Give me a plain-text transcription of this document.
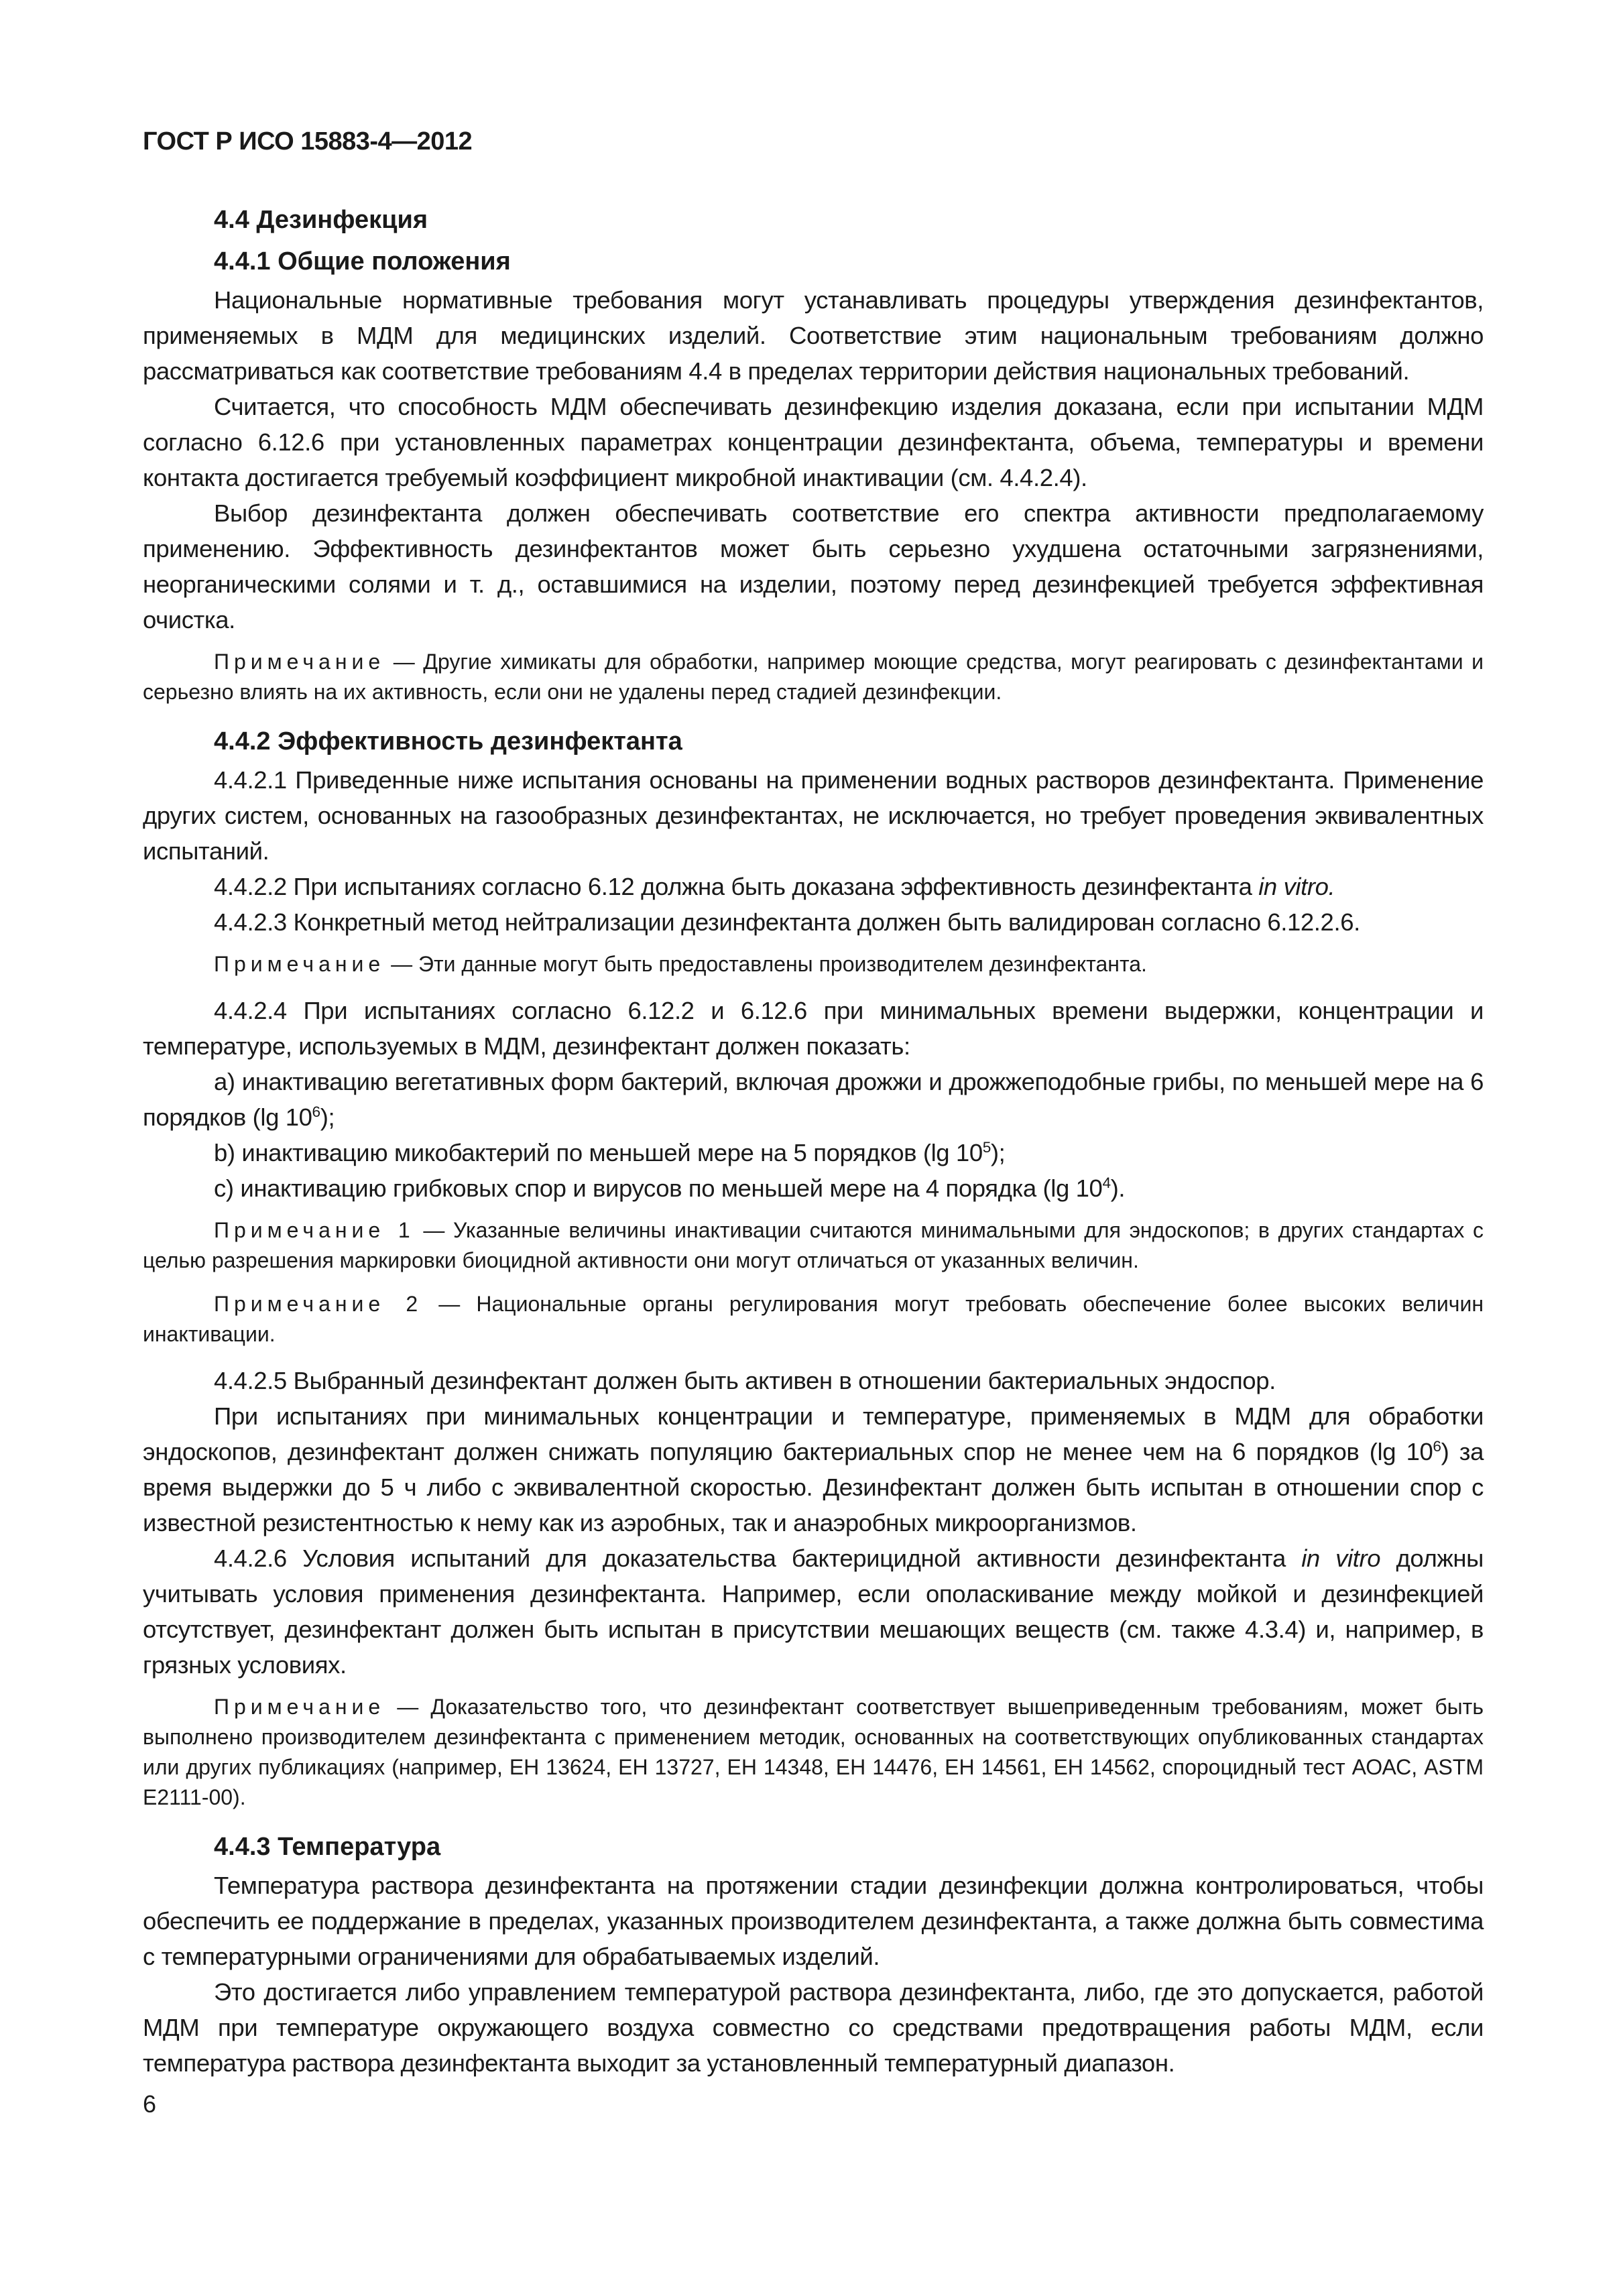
ГОСТ Р ИСО 15883-4—2012

4.4 Дезинфекция

4.4.1 Общие положения

Национальные нормативные требования могут устанавливать процедуры утверждения дезинфектантов, применяемых в МДМ для медицинских изделий. Соответствие этим национальным требованиям должно рассматриваться как соответствие требованиям 4.4 в пределах территории действия национальных требований.

Считается, что способность МДМ обеспечивать дезинфекцию изделия доказана, если при испытании МДМ согласно 6.12.6 при установленных параметрах концентрации дезинфектанта, объема, температуры и времени контакта достигается требуемый коэффициент микробной инактивации (см. 4.4.2.4).

Выбор дезинфектанта должен обеспечивать соответствие его спектра активности предполагаемому применению. Эффективность дезинфектантов может быть серьезно ухудшена остаточными загрязнениями, неорганическими солями и т. д., оставшимися на изделии, поэтому перед дезинфекцией требуется эффективная очистка.

Примечание — Другие химикаты для обработки, например моющие средства, могут реагировать с дезинфектантами и серьезно влиять на их активность, если они не удалены перед стадией дезинфекции.

4.4.2 Эффективность дезинфектанта

4.4.2.1 Приведенные ниже испытания основаны на применении водных растворов дезинфектанта. Применение других систем, основанных на газообразных дезинфектантах, не исключается, но требует проведения эквивалентных испытаний.

4.4.2.2 При испытаниях согласно 6.12 должна быть доказана эффективность дезинфектанта in vitro.

4.4.2.3 Конкретный метод нейтрализации дезинфектанта должен быть валидирован согласно 6.12.2.6.

Примечание — Эти данные могут быть предоставлены производителем дезинфектанта.

4.4.2.4 При испытаниях согласно 6.12.2 и 6.12.6 при минимальных времени выдержки, концентрации и температуре, используемых в МДМ, дезинфектант должен показать:

a) инактивацию вегетативных форм бактерий, включая дрожжи и дрожжеподобные грибы, по меньшей мере на 6 порядков (lg $10^6$);

b) инактивацию микобактерий по меньшей мере на 5 порядков (lg $10^5$);

c) инактивацию грибковых спор и вирусов по меньшей мере на 4 порядка (lg $10^4$).

Примечание 1 — Указанные величины инактивации считаются минимальными для эндоскопов; в других стандартах с целью разрешения маркировки биоцидной активности они могут отличаться от указанных величин.

Примечание 2 — Национальные органы регулирования могут требовать обеспечение более высоких величин инактивации.

4.4.2.5 Выбранный дезинфектант должен быть активен в отношении бактериальных эндоспор.

При испытаниях при минимальных концентрации и температуре, применяемых в МДМ для обработки эндоскопов, дезинфектант должен снижать популяцию бактериальных спор не менее чем на 6 порядков (lg $10^6$) за время выдержки до 5 ч либо с эквивалентной скоростью. Дезинфектант должен быть испытан в отношении спор с известной резистентностью к нему как из аэробных, так и анаэробных микроорганизмов.

4.4.2.6 Условия испытаний для доказательства бактерицидной активности дезинфектанта in vitro должны учитывать условия применения дезинфектанта. Например, если ополаскивание между мойкой и дезинфекцией отсутствует, дезинфектант должен быть испытан в присутствии мешающих веществ (см. также 4.3.4) и, например, в грязных условиях.

Примечание — Доказательство того, что дезинфектант соответствует вышеприведенным требованиям, может быть выполнено производителем дезинфектанта с применением методик, основанных на соответствующих опубликованных стандартах или других публикациях (например, ЕН 13624, ЕН 13727, ЕН 14348, ЕН 14476, ЕН 14561, ЕН 14562, спороцидный тест АОАС, ASTM E2111-00).

4.4.3 Температура

Температура раствора дезинфектанта на протяжении стадии дезинфекции должна контролироваться, чтобы обеспечить ее поддержание в пределах, указанных производителем дезинфектанта, а также должна быть совместима с температурными ограничениями для обрабатываемых изделий.

Это достигается либо управлением температурой раствора дезинфектанта, либо, где это допускается, работой МДМ при температуре окружающего воздуха совместно со средствами предотвращения работы МДМ, если температура раствора дезинфектанта выходит за установленный температурный диапазон.

6
